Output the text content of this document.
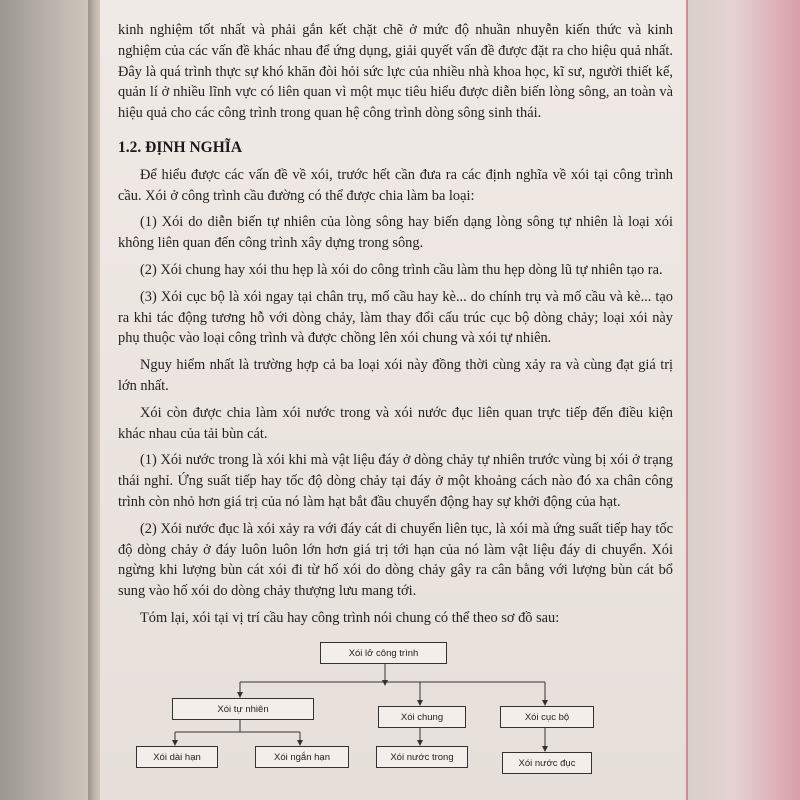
kinh nghiệm tốt nhất và phải gắn kết chặt chẽ ở mức độ nhuần nhuyễn kiến thức và kinh nghiệm của các vấn đề khác nhau để ứng dụng, giải quyết vấn đề được đặt ra cho hiệu quả nhất. Đây là quá trình thực sự khó khăn đòi hỏi sức lực của nhiều nhà khoa học, kĩ sư, người thiết kế, quản lí ở nhiều lĩnh vực có liên quan vì một mục tiêu hiểu được diễn biến lòng sông, an toàn và hiệu quả cho các công trình trong quan hệ công trình dòng sông sinh thái.

1.2. ĐỊNH NGHĨA

Để hiểu được các vấn đề về xói, trước hết cần đưa ra các định nghĩa về xói tại công trình cầu. Xói ở công trình cầu đường có thể được chia làm ba loại:

(1) Xói do diễn biến tự nhiên của lòng sông hay biến dạng lòng sông tự nhiên là loại xói không liên quan đến công trình xây dựng trong sông.

(2) Xói chung hay xói thu hẹp là xói do công trình cầu làm thu hẹp dòng lũ tự nhiên tạo ra.

(3) Xói cục bộ là xói ngay tại chân trụ, mố cầu hay kè... do chính trụ và mố cầu và kè... tạo ra khi tác động tương hỗ với dòng chảy, làm thay đổi cấu trúc cục bộ dòng chảy; loại xói này phụ thuộc vào loại công trình và được chồng lên xói chung và xói tự nhiên.

Nguy hiểm nhất là trường hợp cả ba loại xói này đồng thời cùng xảy ra và cùng đạt giá trị lớn nhất.

Xói còn được chia làm xói nước trong và xói nước đục liên quan trực tiếp đến điều kiện khác nhau của tải bùn cát.

(1) Xói nước trong là xói khi mà vật liệu đáy ở dòng chảy tự nhiên trước vùng bị xói ở trạng thái nghỉ. Ứng suất tiếp hay tốc độ dòng chảy tại đáy ở một khoảng cách nào đó xa chân công trình còn nhỏ hơn giá trị của nó làm hạt bắt đầu chuyển động hay sự khởi động của hạt.

(2) Xói nước đục là xói xảy ra với đáy cát di chuyển liên tục, là xói mà ứng suất tiếp hay tốc độ dòng chảy ở đáy luôn luôn lớn hơn giá trị tới hạn của nó làm vật liệu đáy di chuyển. Xói ngừng khi lượng bùn cát xói đi từ hố xói do dòng chảy gây ra cân bằng với lượng bùn cát bổ sung vào hố xói do dòng chảy thượng lưu mang tới.

Tóm lại, xói tại vị trí cầu hay công trình nói chung có thể theo sơ đồ sau:

Xói lở công trình
Xói tự nhiên
Xói chung	Xói cục bộ
Xói dài hạn	Xói ngắn hạn	Xói nước trong
Xói nước đục
